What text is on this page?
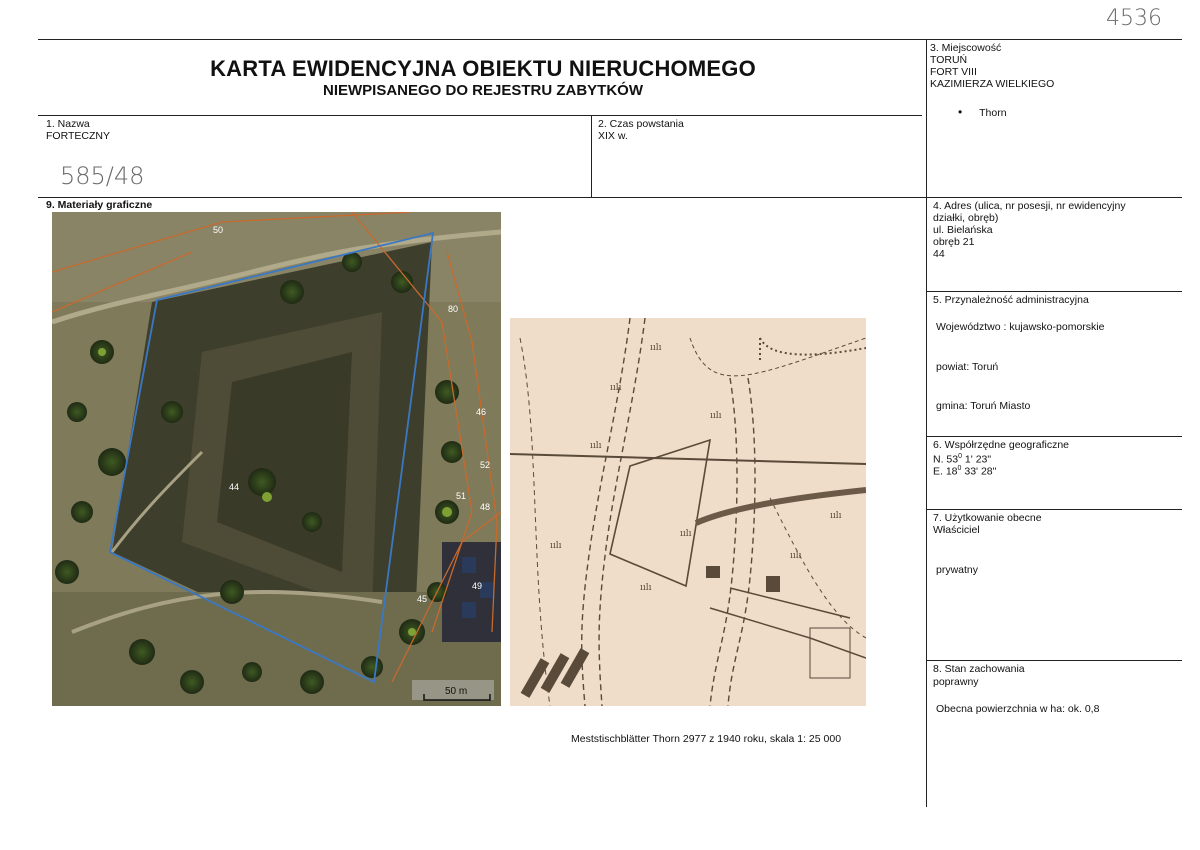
4536
KARTA EWIDENCYJNA OBIEKTU NIERUCHOMEGO
NIEWPISANEGO DO REJESTRU ZABYTKÓW
1. Nazwa
FORTECZNY
585/48
2. Czas powstania
XIX w.

3. Miejscowość

TORUŃ

FORT VIII

KAZIMIERZA WIELKIEGO

• Thorn

4. Adres (ulica, nr posesji, nr ewidencyjny

działki, obręb)

ul. Bielańska

obręb 21

44

5. Przynależność administracyjna
Województwo : kujawsko-pomorskie
powiat: Toruń
gmina: Toruń Miasto
6. Współrzędne geograficzne
N. $53^0$ 1' 23"
E. $18^0$ 33' 28"
7. Użytkowanie obecne
Właściciel
prywatny
8. Stan zachowania
poprawny
Obecna powierzchnia w ha: ok. 0,8
9. Materiały graficzne
50
80
46
52
51
48
49
45
44
50 m
ıılı
ıılı
ıılı
ıılı
ıılı
ıılı
ıılı
ıılı
ıılı
Meststischblätter Thorn 2977 z 1940 roku, skala 1: 25 000
